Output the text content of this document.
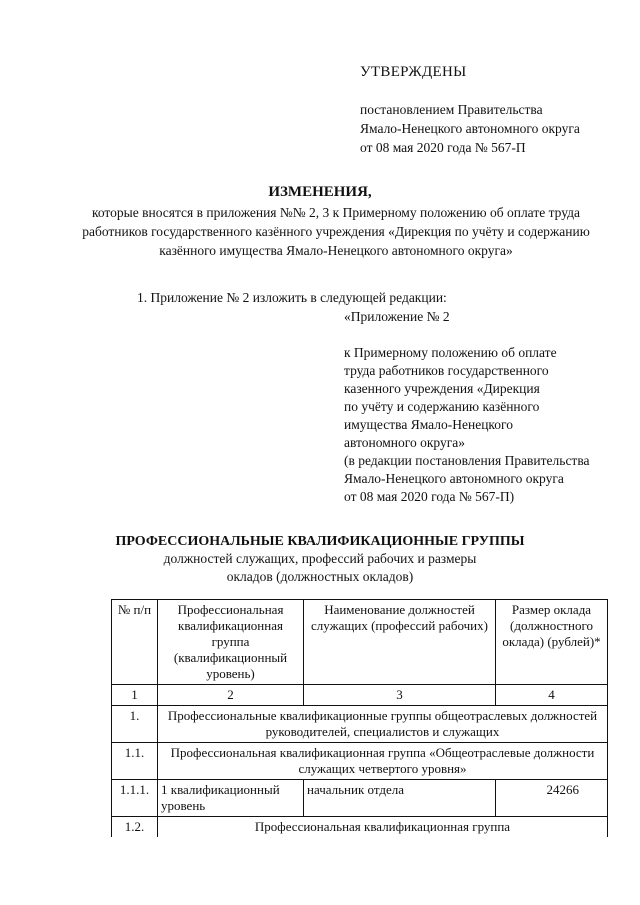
УТВЕРЖДЕНЫ
постановлением Правительства
Ямало-Ненецкого автономного округа
от 08 мая 2020 года № 567-П
ИЗМЕНЕНИЯ,
которые вносятся в приложения №№ 2, 3 к Примерному положению об оплате труда работников государственного казённого учреждения «Дирекция по учёту и содержанию казённого имущества Ямало-Ненецкого автономного округа»
1. Приложение № 2 изложить в следующей редакции:
«Приложение № 2
к Примерному положению об оплате
труда работников государственного
казенного учреждения «Дирекция
по учёту и содержанию казённого
имущества Ямало-Ненецкого
автономного округа»
(в редакции постановления Правительства
Ямало-Ненецкого автономного округа
от 08 мая 2020 года № 567-П)
ПРОФЕССИОНАЛЬНЫЕ КВАЛИФИКАЦИОННЫЕ ГРУППЫ
должностей служащих, профессий рабочих и размеры окладов (должностных окладов)
№ п/п	Профессиональная квалификационная группа (квалификационный уровень)	Наименование должностей служащих (профессий рабочих)	Размер оклада (должностного оклада) (рублей)*
1	2	3	4
1.	Профессиональные квалификационные группы общеотраслевых должностей руководителей, специалистов и служащих		
1.1.	Профессиональная квалификационная группа «Общеотраслевые должности служащих четвертого уровня»		
1.1.1.	1 квалификационный уровень	начальник отдела	24266
1.2.	Профессиональная квалификационная группа		
